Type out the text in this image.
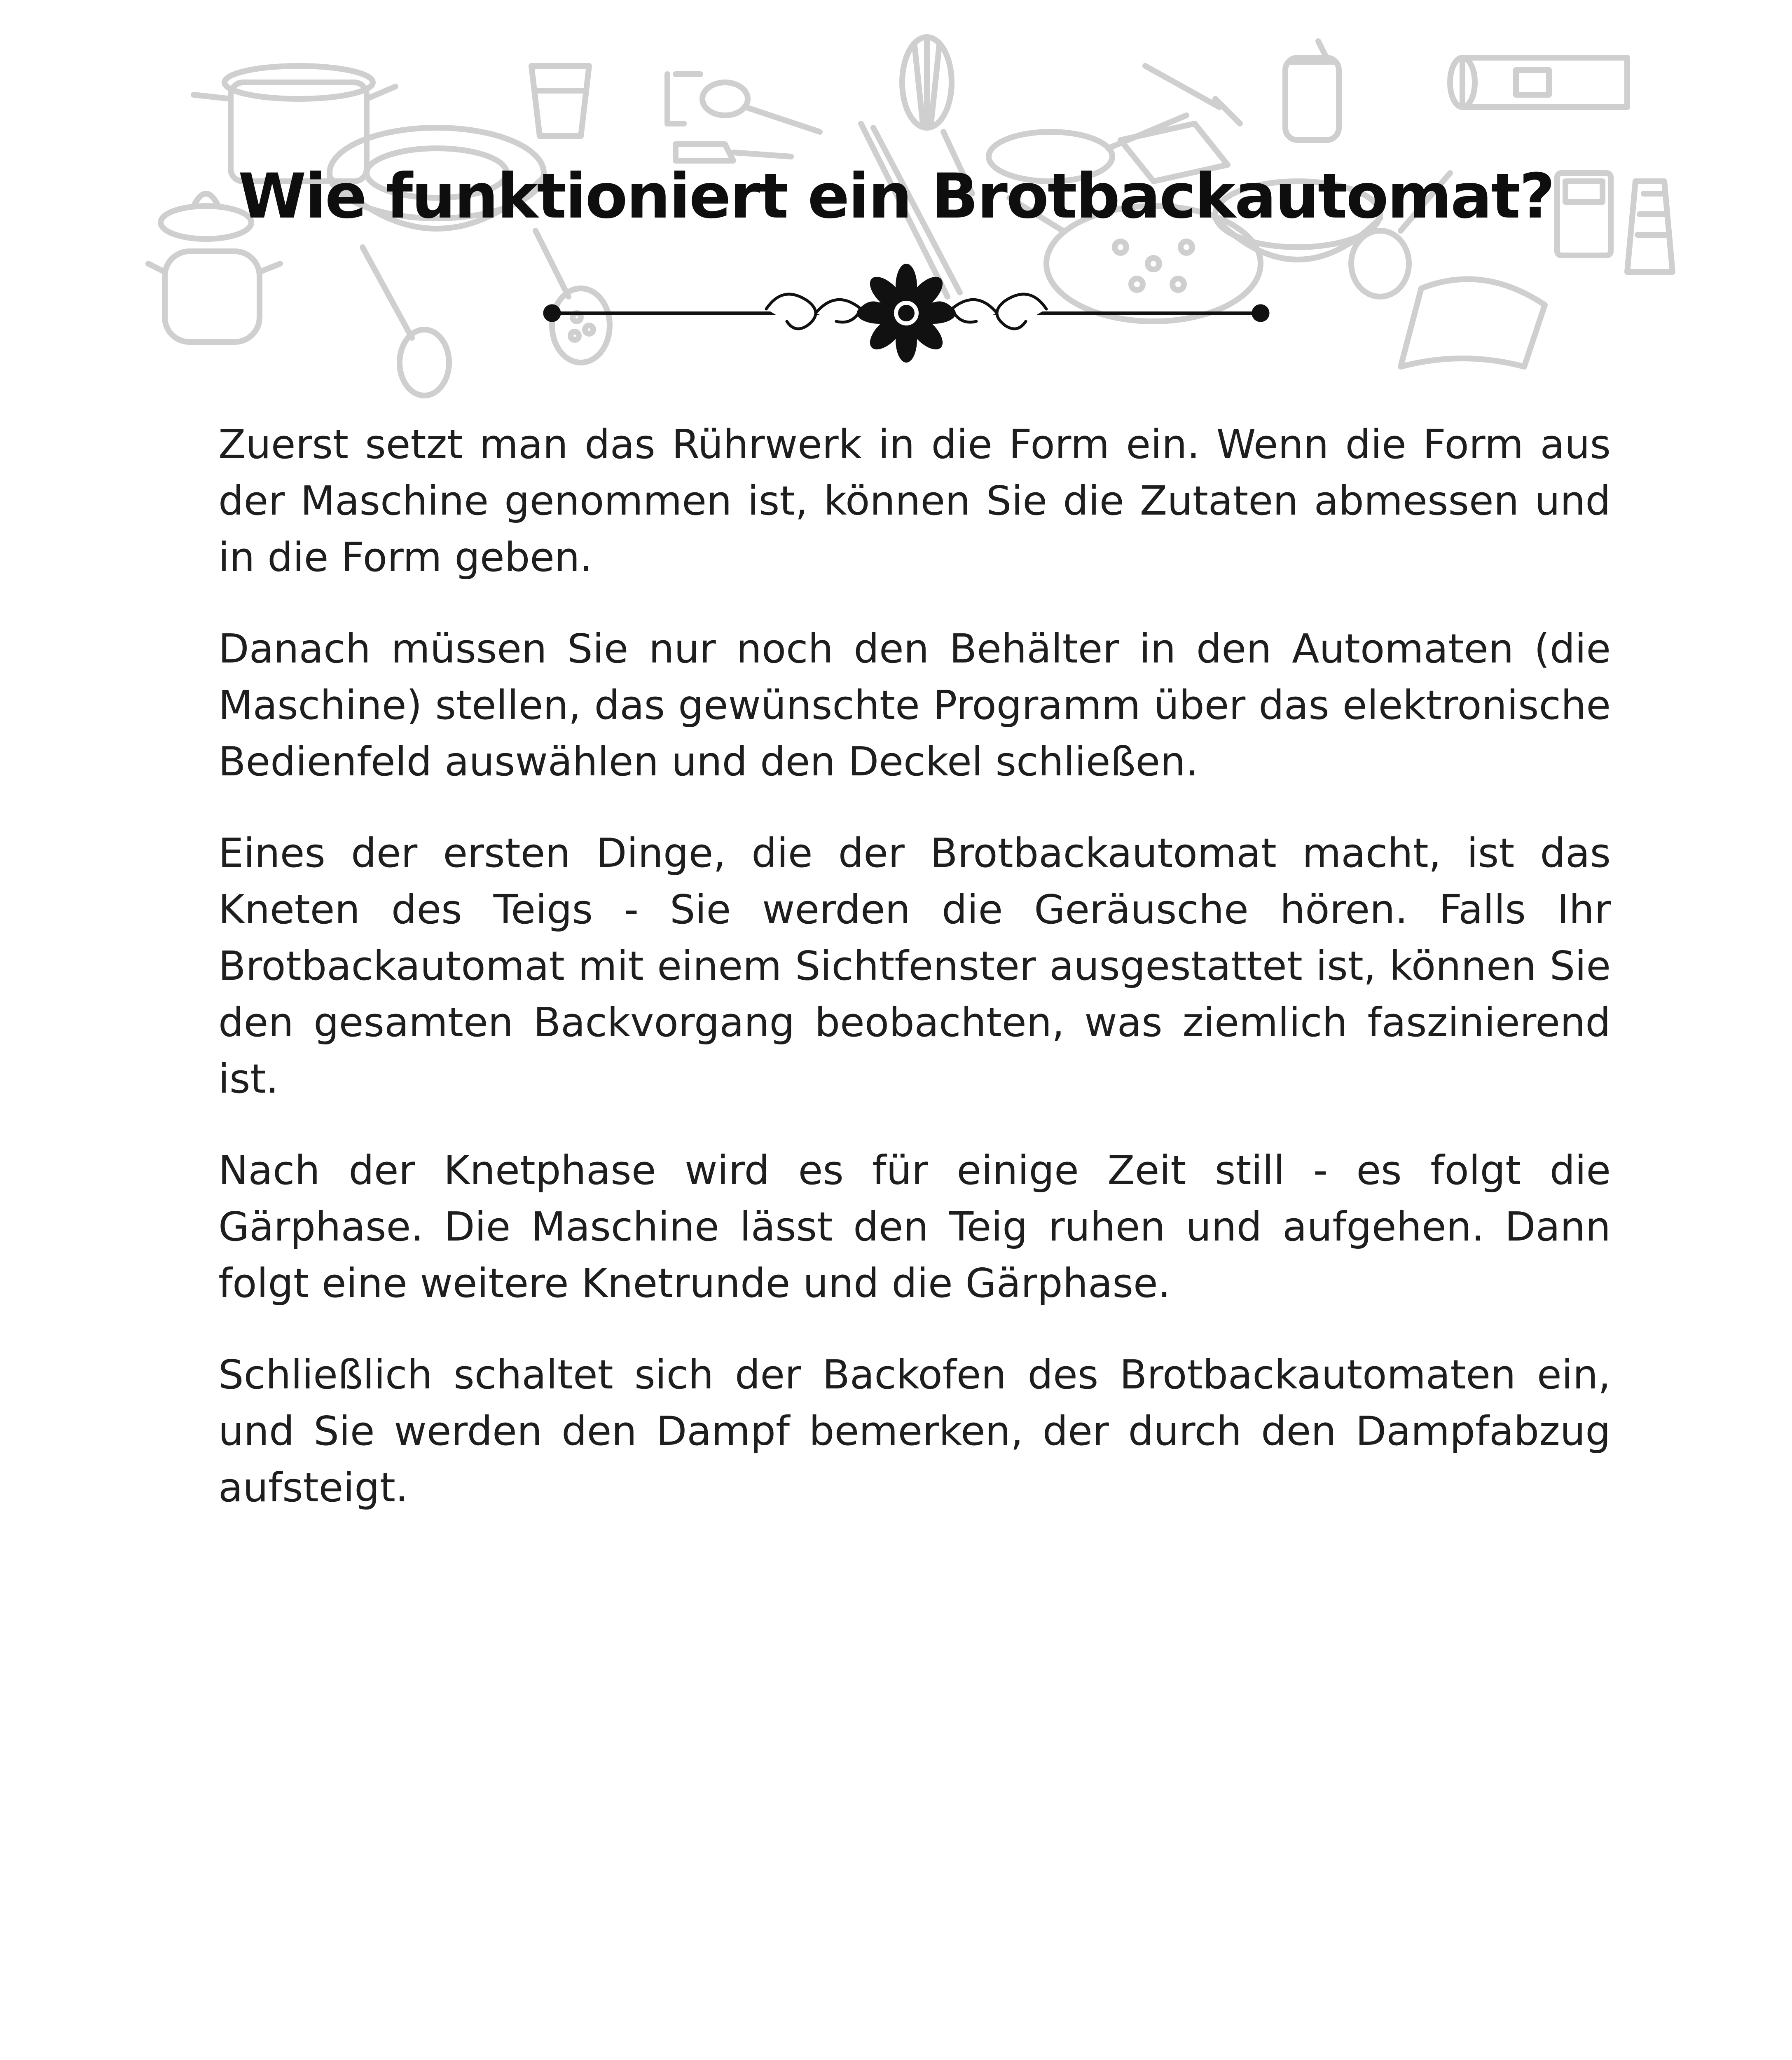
Wie funktioniert ein Brotbackautomat?

Zuerst setzt man das Rührwerk in die Form ein. Wenn die Form aus der Maschine genommen ist, können Sie die Zutaten abmessen und in die Form geben.

Danach müssen Sie nur noch den Behälter in den Automaten (die Maschine) stellen, das gewünschte Programm über das elektronische Bedienfeld auswählen und den Deckel schließen.

Eines der ersten Dinge, die der Brotbackautomat macht, ist das Kneten des Teigs - Sie werden die Geräusche hören. Falls Ihr Brotbackautomat mit einem Sichtfenster ausgestattet ist, können Sie den gesamten Backvorgang beobachten, was ziemlich faszinierend ist.

Nach der Knetphase wird es für einige Zeit still - es folgt die Gärphase. Die Maschine lässt den Teig ruhen und aufgehen. Dann folgt eine weitere Knetrunde und die Gärphase.

Schließlich schaltet sich der Backofen des Brotbackautomaten ein, und Sie werden den Dampf bemerken, der durch den Dampfabzug aufsteigt.
